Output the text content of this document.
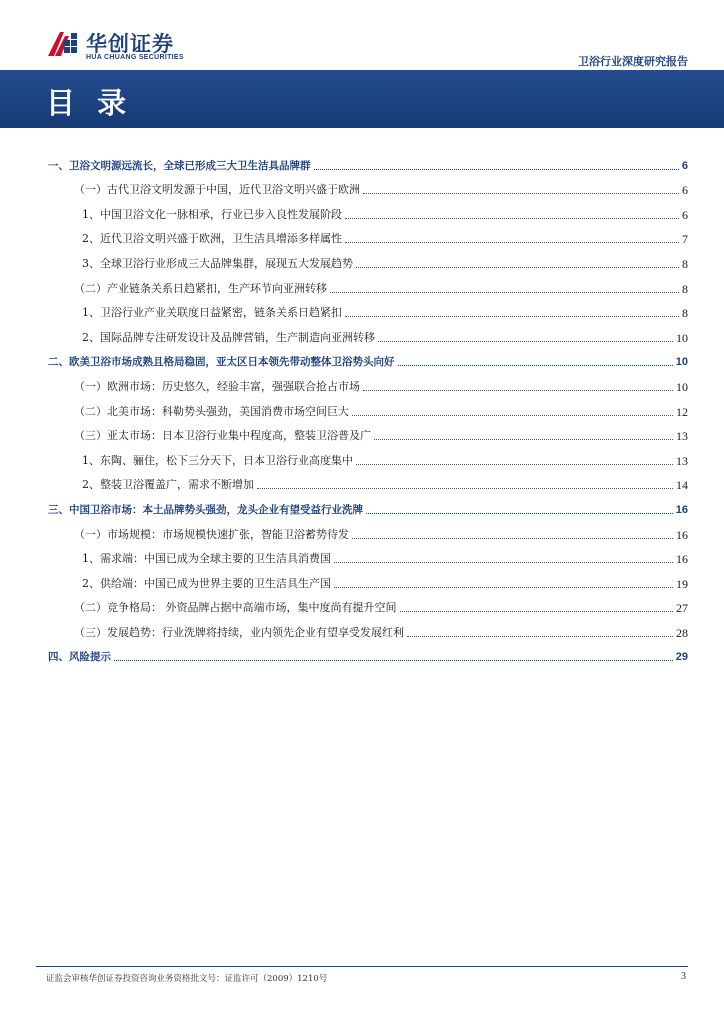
华创证券
HUA CHUANG SECURITIES	卫浴行业深度研究报告
目 录
一、卫浴文明源远流长，全球已形成三大卫生洁具品牌群	6
（一）古代卫浴文明发源于中国，近代卫浴文明兴盛于欧洲	6
1、中国卫浴文化一脉相承，行业已步入良性发展阶段	6
2、近代卫浴文明兴盛于欧洲，卫生洁具增添多样属性	7
3、全球卫浴行业形成三大品牌集群，展现五大发展趋势	8
（二）产业链条关系日趋紧扣，生产环节向亚洲转移	8
1、卫浴行业产业关联度日益紧密，链条关系日趋紧扣	8
2、国际品牌专注研发设计及品牌营销，生产制造向亚洲转移	10
二、欧美卫浴市场成熟且格局稳固，亚太区日本领先带动整体卫浴势头向好	10
（一）欧洲市场：历史悠久，经验丰富，强强联合抢占市场	10
（二）北美市场：科勒势头强劲，美国消费市场空间巨大	12
（三）亚太市场：日本卫浴行业集中程度高，整装卫浴普及广	13
1、东陶、骊住，松下三分天下，日本卫浴行业高度集中	13
2、整装卫浴覆盖广，需求不断增加	14
三、中国卫浴市场：本土品牌势头强劲，龙头企业有望受益行业洗牌	16
（一）市场规模：市场规模快速扩张，智能卫浴蓄势待发	16
1、需求端：中国已成为全球主要的卫生洁具消费国	16
2、供给端：中国已成为世界主要的卫生洁具生产国	19
（二）竞争格局： 外资品牌占据中高端市场，集中度尚有提升空间	27
（三）发展趋势：行业洗牌将持续，业内领先企业有望享受发展红利	28
四、风险提示	29
证监会审核华创证券投资咨询业务资格批文号：证监许可（2009）1210号	3
